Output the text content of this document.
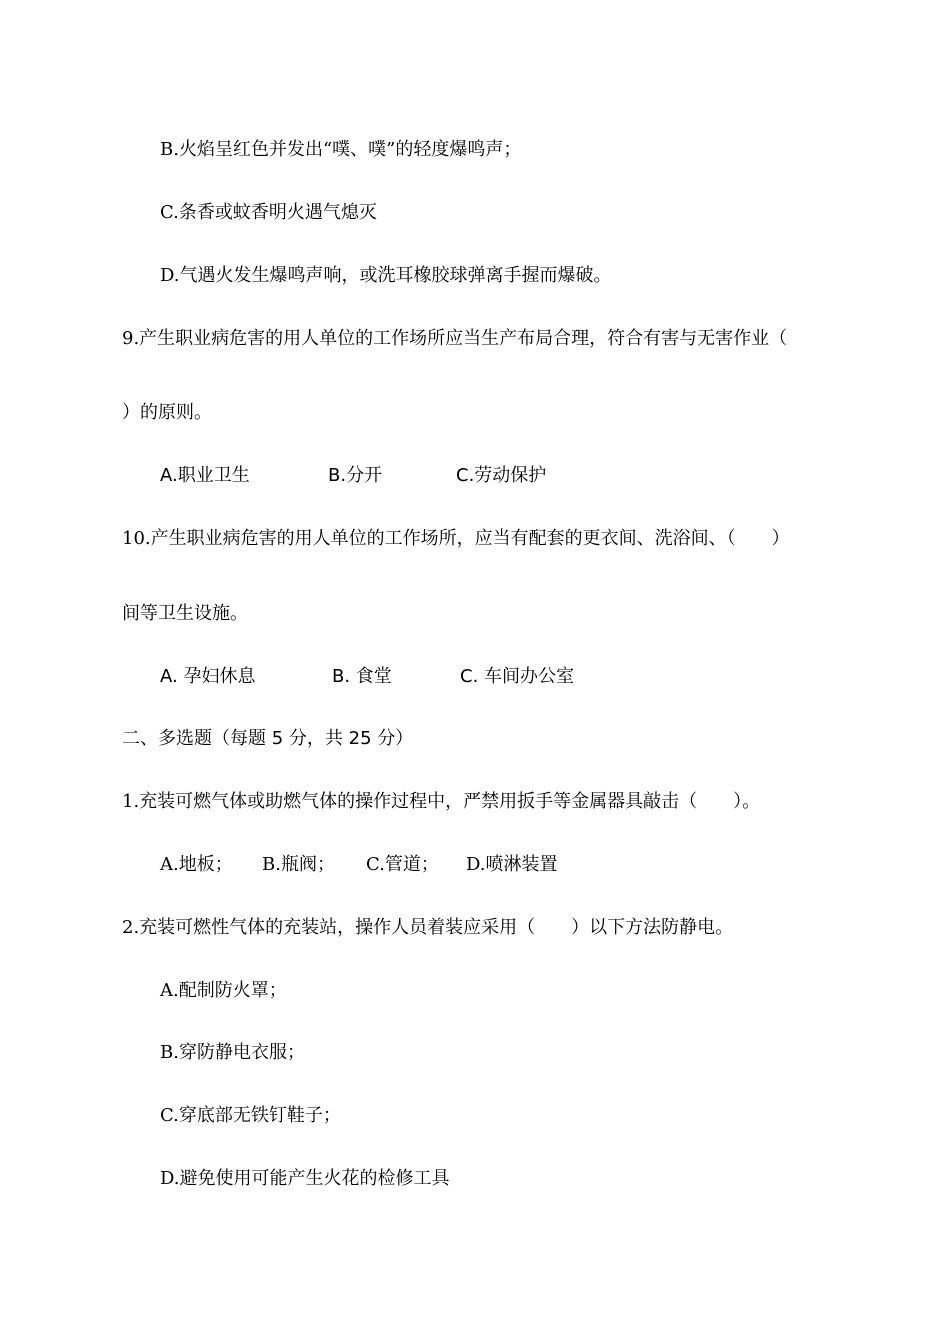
B.火焰呈红色并发出“噗、噗”的轻度爆鸣声；
C.条香或蚊香明火遇气熄灭
D.气遇火发生爆鸣声响，或洗耳橡胶球弹离手握而爆破。
9.产生职业病危害的用人单位的工作场所应当生产布局合理，符合有害与无害作业（
）的原则。
A.职业卫生	B.分开	C.劳动保护
10.产生职业病危害的用人单位的工作场所，应当有配套的更衣间、洗浴间、（　　）
间等卫生设施。
A. 孕妇休息	B. 食堂	C. 车间办公室
二、多选题（每题 5 分，共 25 分）
1.充装可燃气体或助燃气体的操作过程中，严禁用扳手等金属器具敲击（　　）。
A.地板； B.瓶阀； C.管道； D.喷淋装置
2.充装可燃性气体的充装站，操作人员着装应采用（　　）以下方法防静电。
A.配制防火罩；
B.穿防静电衣服；
C.穿底部无铁钉鞋子；
D.避免使用可能产生火花的检修工具
